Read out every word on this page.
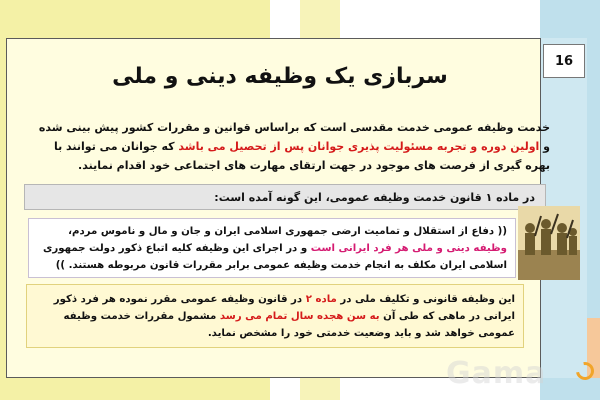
16
سربازی یک وظیفه دینی و ملی
خدمت وظیفه عمومی خدمت مقدسی است که براساس قوانین و مقررات کشور پیش بینی شده و اولین دوره و تجربه مسئولیت پذیری جوانان پس از تحصیل می باشد که جوانان می توانند با بهره گیری از فرصت های موجود در جهت ارتقای مهارت های اجتماعی خود اقدام نمایند.
در ماده ۱ قانون خدمت وظیفه عمومی، این گونه آمده است:
(( دفاع از استقلال و تمامیت ارضی جمهوری اسلامی ایران و جان و مال و ناموس مردم، وظیفه دینی و ملی هر فرد ایرانی است و در اجرای این وظیفه کلیه اتباع ذکور دولت جمهوری اسلامی ایران مکلف به انجام خدمت وظیفه عمومی برابر مقررات قانون مربوطه هستند. ))
این وظیفه قانونی و تکلیف ملی در ماده ۲ در قانون وظیفه عمومی مقرر نموده هر فرد ذکور ایرانی در ماهی که طی آن به سن هجده سال تمام می رسد مشمول مقررات خدمت وظیفه عمومی خواهد شد و باید وضعیت خدمتی خود را مشخص نماید.
Gama
